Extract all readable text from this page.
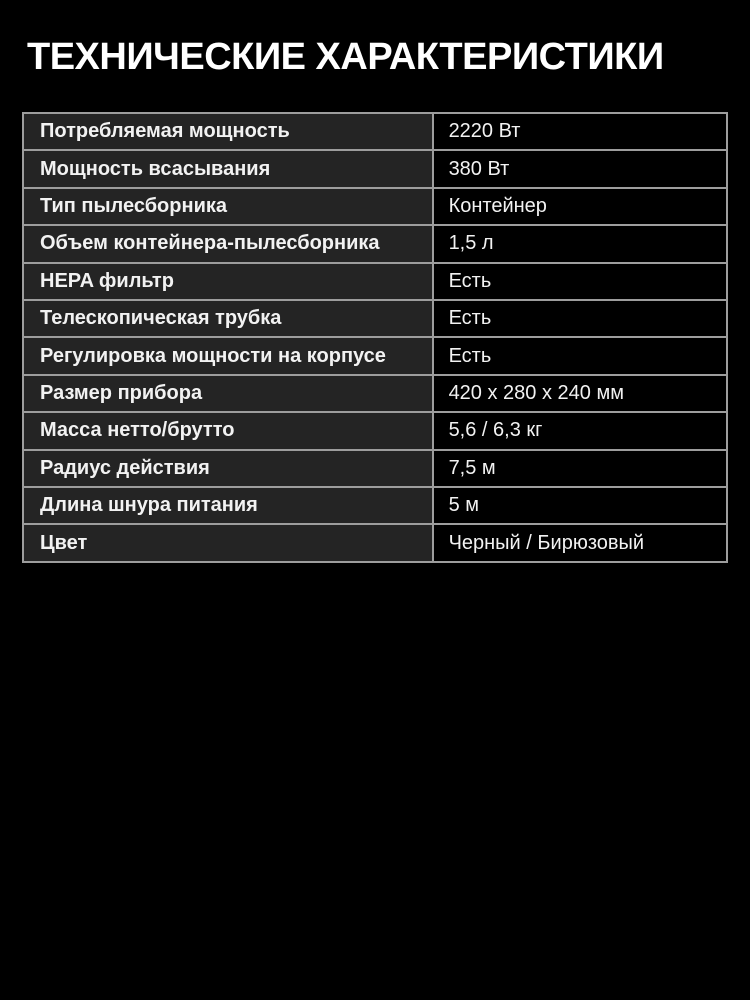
ТЕХНИЧЕСКИЕ ХАРАКТЕРИСТИКИ
Потребляемая мощность	2220 Вт
Мощность всасывания	380 Вт
Тип пылесборника	Контейнер
Объем контейнера-пылесборника	1,5 л
HEPA фильтр	Есть
Телескопическая трубка	Есть
Регулировка мощности на корпусе	Есть
Размер прибора	420 x 280 x 240 мм
Масса нетто/брутто	5,6 / 6,3 кг
Радиус действия	7,5 м
Длина шнура питания	5 м
Цвет	Черный / Бирюзовый
